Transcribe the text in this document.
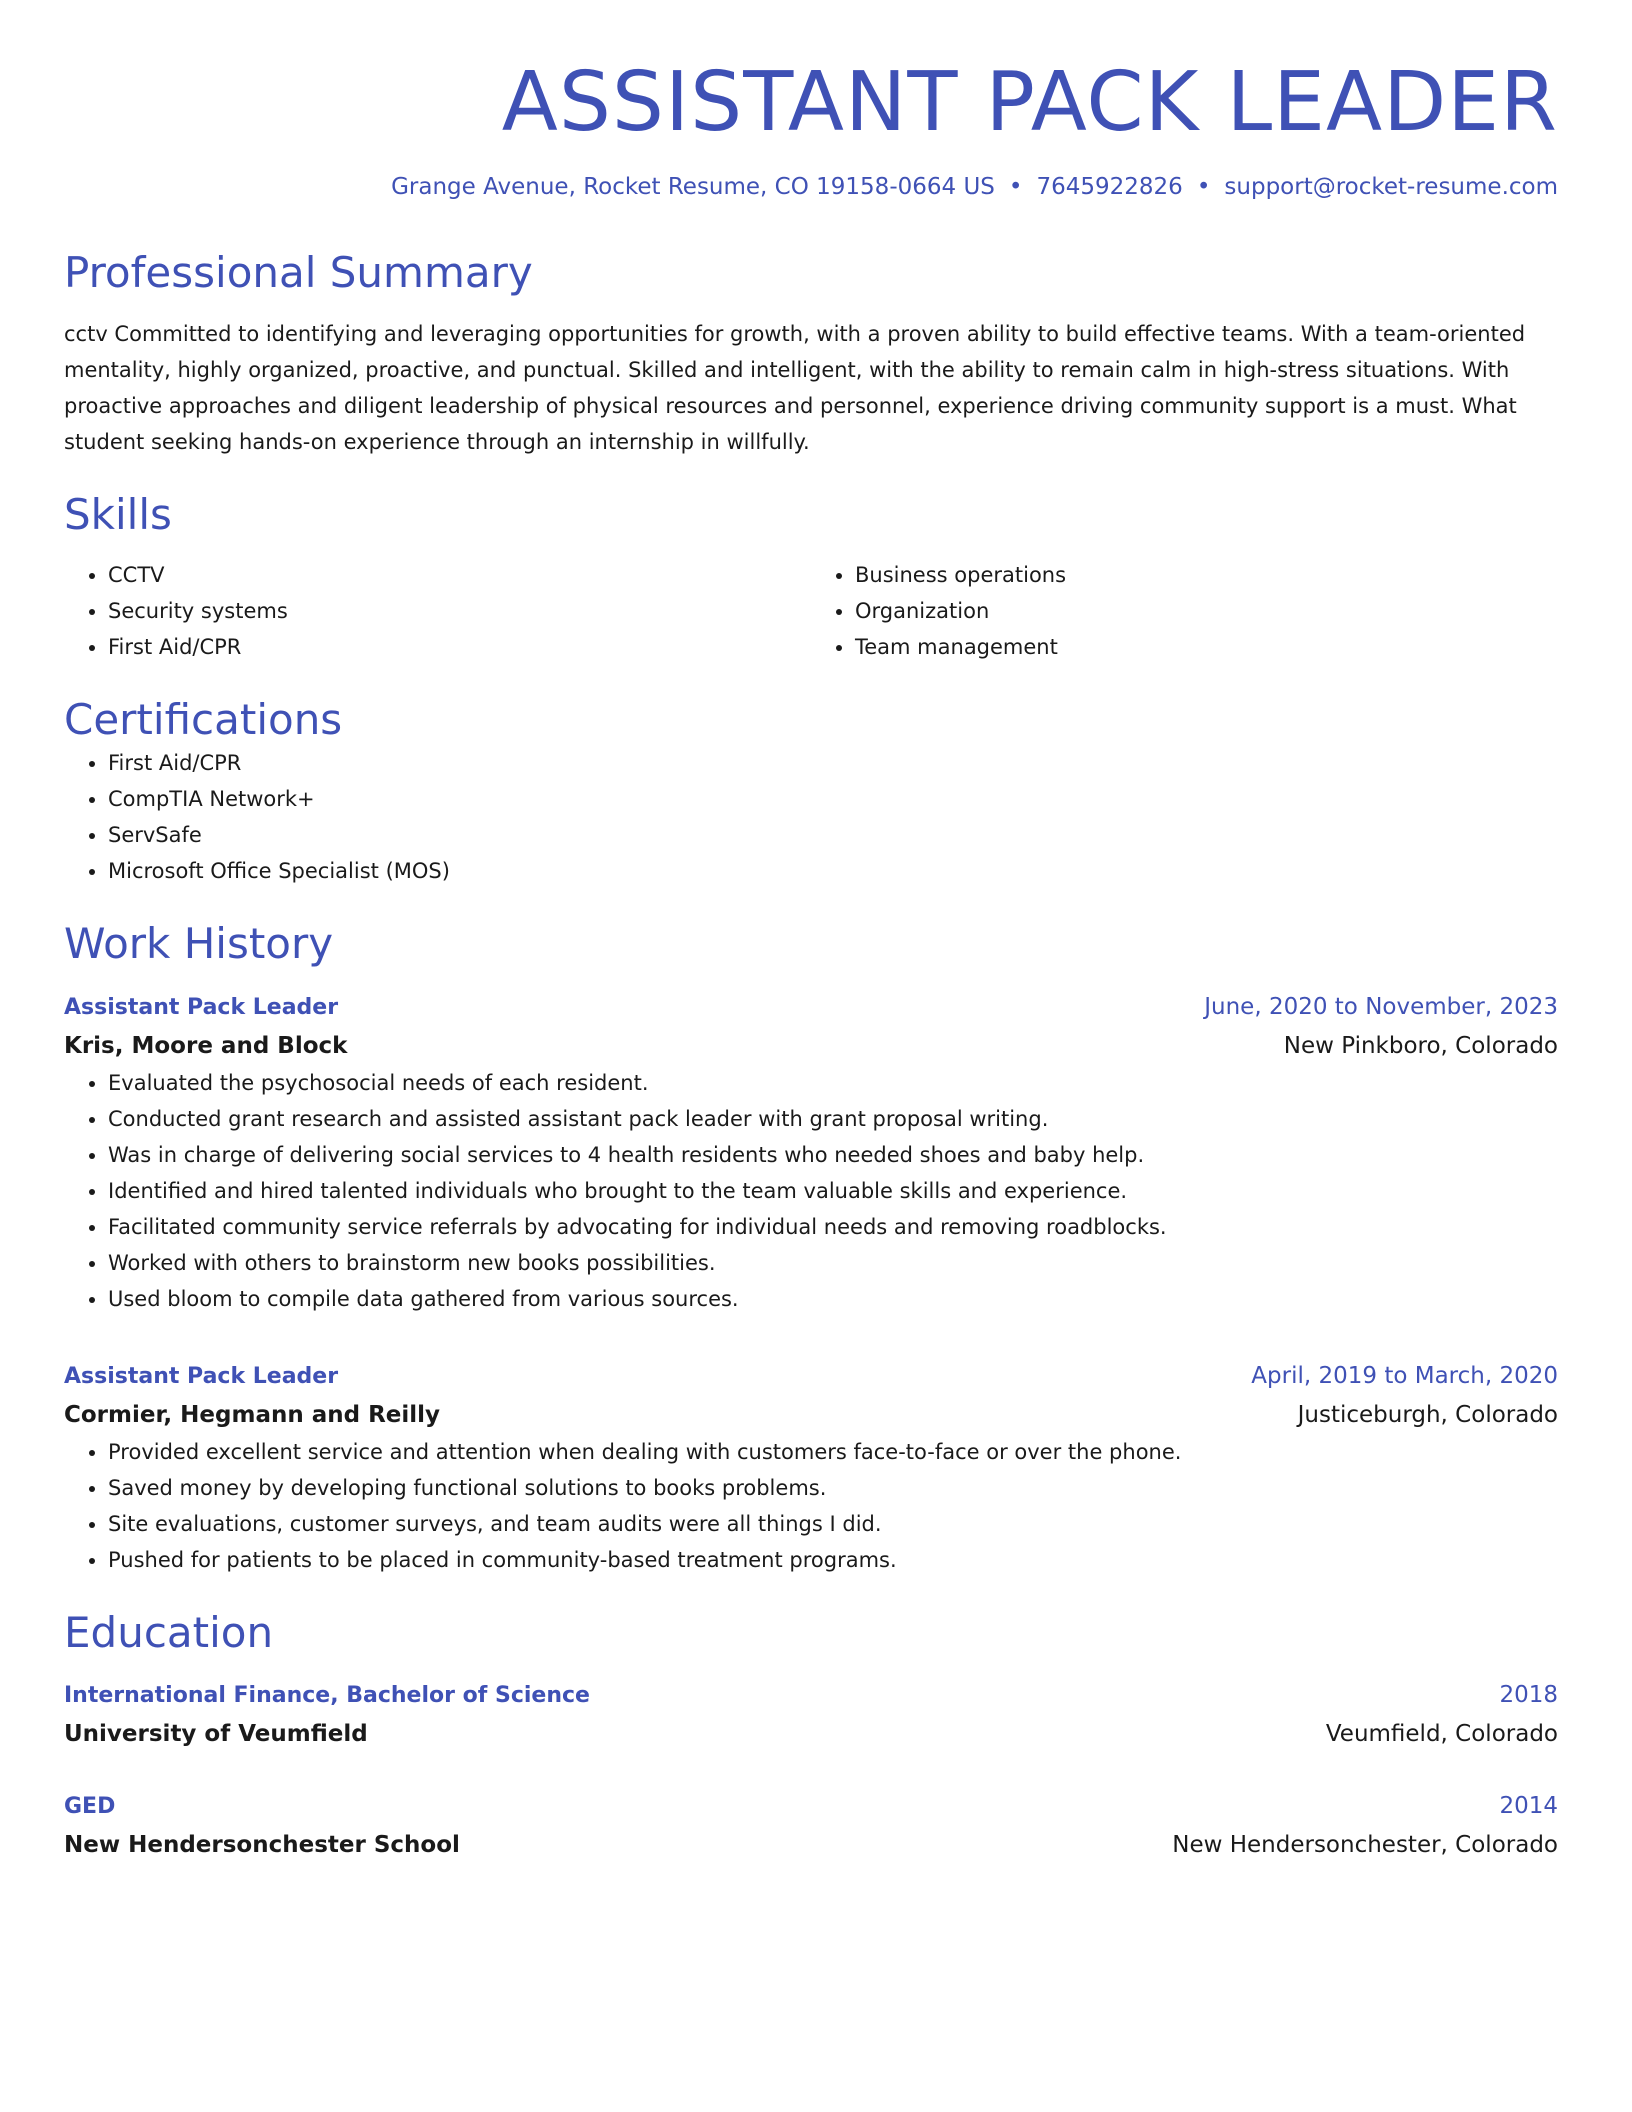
ASSISTANT PACK LEADER
Grange Avenue, Rocket Resume, CO 19158-0664 US • 7645922826 • support@rocket-resume.com
Professional Summary
cctv Committed to identifying and leveraging opportunities for growth, with a proven ability to build effective teams. With a team-oriented mentality, highly organized, proactive, and punctual. Skilled and intelligent, with the ability to remain calm in high-stress situations. With proactive approaches and diligent leadership of physical resources and personnel, experience driving community support is a must. What student seeking hands-on experience through an internship in willfully.
Skills
• CCTV
• Security systems
• First Aid/CPR
• Business operations
• Organization
• Team management
Certifications
• First Aid/CPR
• CompTIA Network+
• ServSafe
• Microsoft Office Specialist (MOS)
Work History
Assistant Pack Leader	June, 2020 to November, 2023
Kris, Moore and Block	New Pinkboro, Colorado
• Evaluated the psychosocial needs of each resident.
• Conducted grant research and assisted assistant pack leader with grant proposal writing.
• Was in charge of delivering social services to 4 health residents who needed shoes and baby help.
• Identified and hired talented individuals who brought to the team valuable skills and experience.
• Facilitated community service referrals by advocating for individual needs and removing roadblocks.
• Worked with others to brainstorm new books possibilities.
• Used bloom to compile data gathered from various sources.
Assistant Pack Leader	April, 2019 to March, 2020
Cormier, Hegmann and Reilly	Justiceburgh, Colorado
• Provided excellent service and attention when dealing with customers face-to-face or over the phone.
• Saved money by developing functional solutions to books problems.
• Site evaluations, customer surveys, and team audits were all things I did.
• Pushed for patients to be placed in community-based treatment programs.
Education
International Finance, Bachelor of Science	2018
University of Veumfield	Veumfield, Colorado
GED	2014
New Hendersonchester School	New Hendersonchester, Colorado
